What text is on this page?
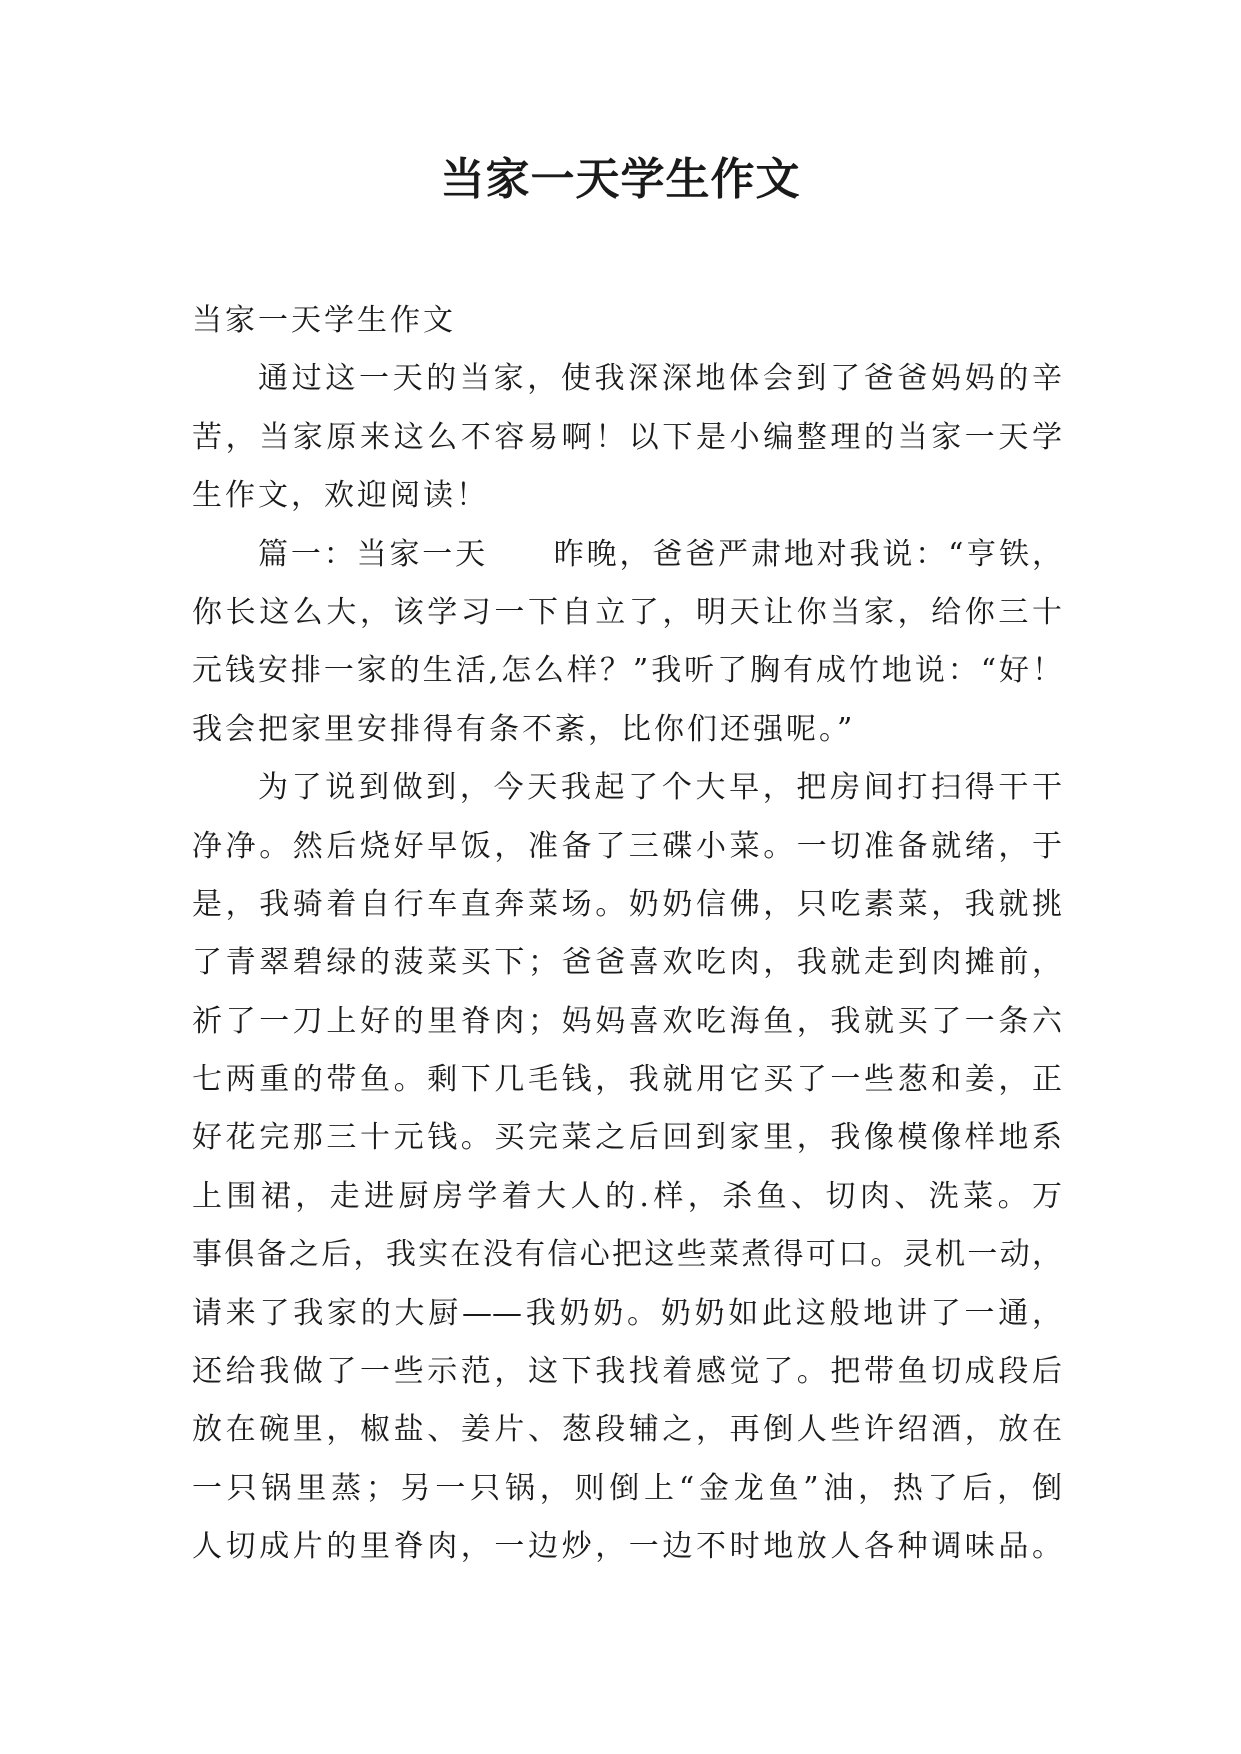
当家一天学生作文
当家一天学生作文
通过这一天的当家，使我深深地体会到了爸爸妈妈的辛
苦，当家原来这么不容易啊！以下是小编整理的当家一天学
生作文，欢迎阅读！
篇一：当家一天　　昨晚，爸爸严肃地对我说：“亨铁，
你长这么大，该学习一下自立了，明天让你当家，给你三十
元钱安排一家的生活,怎么样？”我听了胸有成竹地说：“好！
我会把家里安排得有条不紊，比你们还强呢。”
为了说到做到，今天我起了个大早，把房间打扫得干干
净净。然后烧好早饭，准备了三碟小菜。一切准备就绪，于
是，我骑着自行车直奔菜场。奶奶信佛，只吃素菜，我就挑
了青翠碧绿的菠菜买下；爸爸喜欢吃肉，我就走到肉摊前，
祈了一刀上好的里脊肉；妈妈喜欢吃海鱼，我就买了一条六
七两重的带鱼。剩下几毛钱，我就用它买了一些葱和姜，正
好花完那三十元钱。买完菜之后回到家里，我像模像样地系
上围裙，走进厨房学着大人的.样，杀鱼、切肉、洗菜。万
事俱备之后，我实在没有信心把这些菜煮得可口。灵机一动，
请来了我家的大厨——我奶奶。奶奶如此这般地讲了一通，
还给我做了一些示范，这下我找着感觉了。把带鱼切成段后
放在碗里，椒盐、姜片、葱段辅之，再倒人些许绍酒，放在
一只锅里蒸；另一只锅，则倒上“金龙鱼”油，热了后，倒
人切成片的里脊肉，一边炒，一边不时地放人各种调味品。
